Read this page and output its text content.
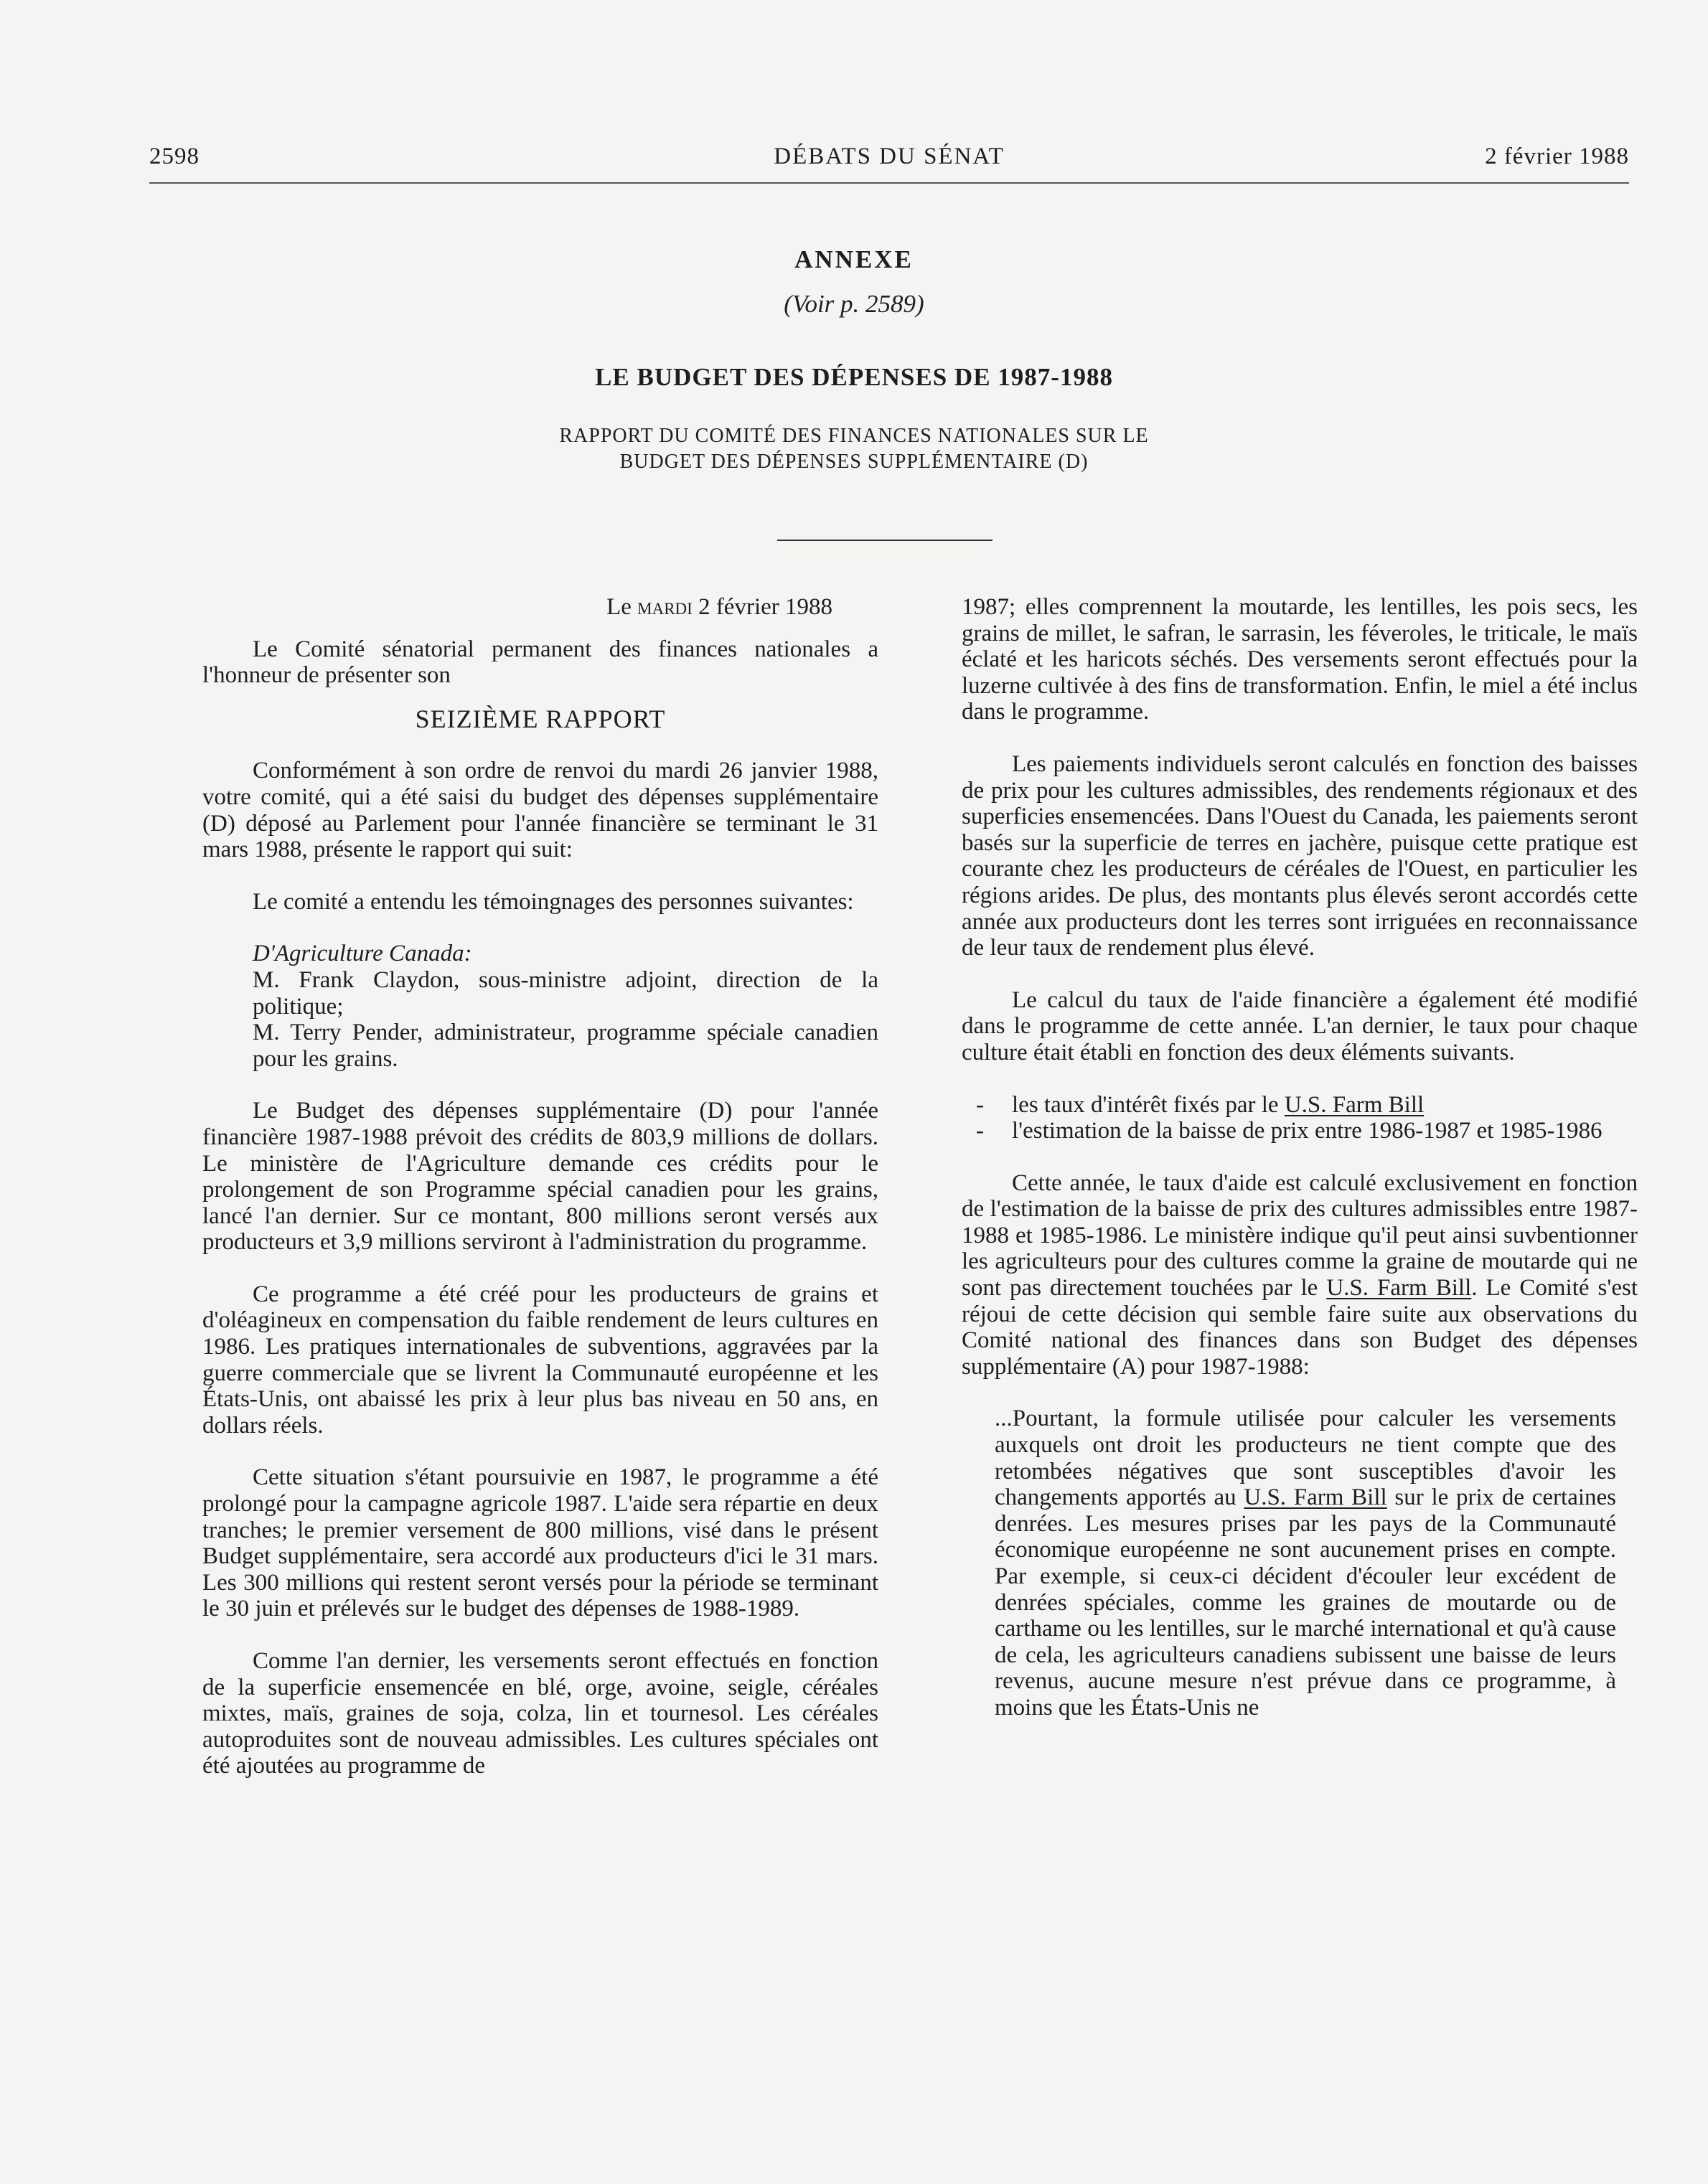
2598	DÉBATS DU SÉNAT	2 février 1988
ANNEXE
(Voir p. 2589)
LE BUDGET DES DÉPENSES DE 1987-1988
RAPPORT DU COMITÉ DES FINANCES NATIONALES SUR LE
BUDGET DES DÉPENSES SUPPLÉMENTAIRE (D)

Le mardi 2 février 1988

Le Comité sénatorial permanent des finances nationales a l'honneur de présenter son

SEIZIÈME RAPPORT

Conformément à son ordre de renvoi du mardi 26 janvier 1988, votre comité, qui a été saisi du budget des dépenses supplémentaire (D) déposé au Parlement pour l'année financière se terminant le 31 mars 1988, présente le rapport qui suit:

Le comité a entendu les témoingnages des personnes suivantes:

D'Agriculture Canada:

M. Frank Claydon, sous-ministre adjoint, direction de la politique;

M. Terry Pender, administrateur, programme spéciale canadien pour les grains.

Le Budget des dépenses supplémentaire (D) pour l'année financière 1987-1988 prévoit des crédits de 803,9 millions de dollars. Le ministère de l'Agriculture demande ces crédits pour le prolongement de son Programme spécial canadien pour les grains, lancé l'an dernier. Sur ce montant, 800 millions seront versés aux producteurs et 3,9 millions serviront à l'administration du programme.

Ce programme a été créé pour les producteurs de grains et d'oléagineux en compensation du faible rendement de leurs cultures en 1986. Les pratiques internationales de subventions, aggravées par la guerre commerciale que se livrent la Communauté européenne et les États-Unis, ont abaissé les prix à leur plus bas niveau en 50 ans, en dollars réels.

Cette situation s'étant poursuivie en 1987, le programme a été prolongé pour la campagne agricole 1987. L'aide sera répartie en deux tranches; le premier versement de 800 millions, visé dans le présent Budget supplémentaire, sera accordé aux producteurs d'ici le 31 mars. Les 300 millions qui restent seront versés pour la période se terminant le 30 juin et prélevés sur le budget des dépenses de 1988-1989.

Comme l'an dernier, les versements seront effectués en fonction de la superficie ensemencée en blé, orge, avoine, seigle, céréales mixtes, maïs, graines de soja, colza, lin et tournesol. Les céréales autoproduites sont de nouveau admissibles. Les cultures spéciales ont été ajoutées au programme de

1987; elles comprennent la moutarde, les lentilles, les pois secs, les grains de millet, le safran, le sarrasin, les féveroles, le triticale, le maïs éclaté et les haricots séchés. Des versements seront effectués pour la luzerne cultivée à des fins de transformation. Enfin, le miel a été inclus dans le programme.

Les paiements individuels seront calculés en fonction des baisses de prix pour les cultures admissibles, des rendements régionaux et des superficies ensemencées. Dans l'Ouest du Canada, les paiements seront basés sur la superficie de terres en jachère, puisque cette pratique est courante chez les producteurs de céréales de l'Ouest, en particulier les régions arides. De plus, des montants plus élevés seront accordés cette année aux producteurs dont les terres sont irriguées en reconnaissance de leur taux de rendement plus élevé.

Le calcul du taux de l'aide financière a également été modifié dans le programme de cette année. L'an dernier, le taux pour chaque culture était établi en fonction des deux éléments suivants.

- les taux d'intérêt fixés par le U.S. Farm Bill
- l'estimation de la baisse de prix entre 1986-1987 et 1985-1986

Cette année, le taux d'aide est calculé exclusivement en fonction de l'estimation de la baisse de prix des cultures admissibles entre 1987-1988 et 1985-1986. Le ministère indique qu'il peut ainsi suvbentionner les agriculteurs pour des cultures comme la graine de moutarde qui ne sont pas directement touchées par le U.S. Farm Bill. Le Comité s'est réjoui de cette décision qui semble faire suite aux observations du Comité national des finances dans son Budget des dépenses supplémentaire (A) pour 1987-1988:

...Pourtant, la formule utilisée pour calculer les versements auxquels ont droit les producteurs ne tient compte que des retombées négatives que sont susceptibles d'avoir les changements apportés au U.S. Farm Bill sur le prix de certaines denrées. Les mesures prises par les pays de la Communauté économique européenne ne sont aucunement prises en compte. Par exemple, si ceux-ci décident d'écouler leur excédent de denrées spéciales, comme les graines de moutarde ou de carthame ou les lentilles, sur le marché international et qu'à cause de cela, les agriculteurs canadiens subissent une baisse de leurs revenus, aucune mesure n'est prévue dans ce programme, à moins que les États-Unis ne
